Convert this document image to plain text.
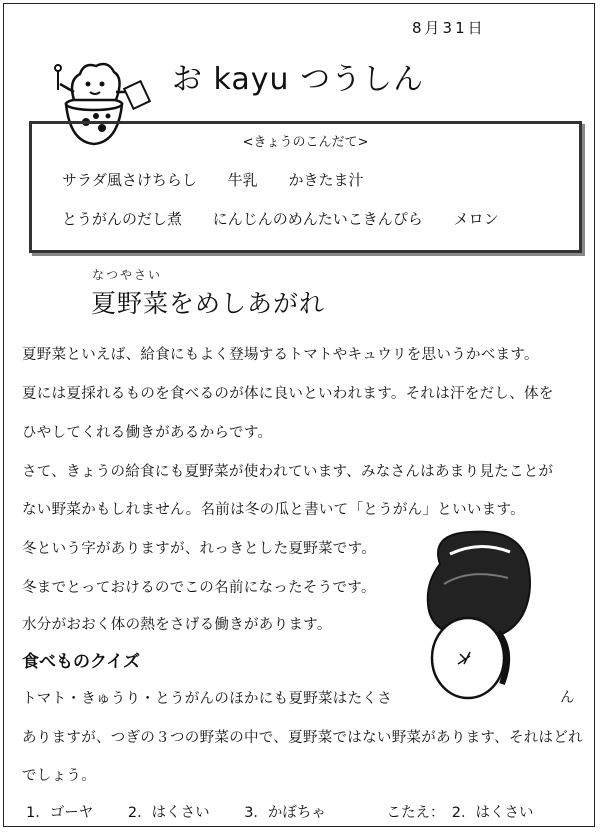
8月31日
お kayu つうしん
<きょうのこんだて>
サラダ風さけちらし 牛乳 かきたま汁
とうがんのだし煮 にんじんのめんたいこきんぴら メロン
なつやさい
夏野菜をめしあがれ
夏野菜といえば、給食にもよく登場するトマトやキュウリを思いうかべます。
夏には夏採れるものを食べるのが体に良いといわれます。それは汗をだし、体を
ひやしてくれる働きがあるからです。
さて、きょうの給食にも夏野菜が使われています、みなさんはあまり見たことが
ない野菜かもしれません。名前は冬の瓜と書いて「とうがん」といいます。
冬という字がありますが、れっきとした夏野菜です。
冬までとっておけるのでこの名前になったそうです。
水分がおおく体の熱をさげる働きがあります。
食べものクイズ
トマト・きゅうり・とうがんのほかにも夏野菜はたくさ	ん
ありますが、つぎの３つの野菜の中で、夏野菜ではない野菜があります、それはどれ
でしょう。
1．ゴーヤ 2．はくさい 3．かぼちゃ	こたえ：　2．はくさい
